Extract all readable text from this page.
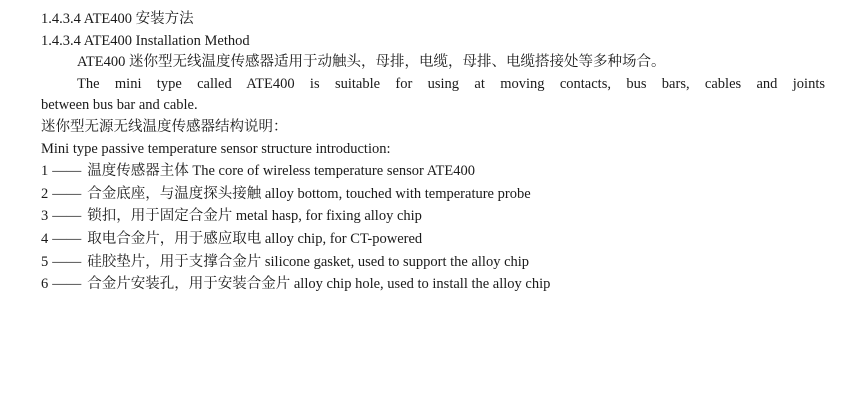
1.4.3.4 ATE400 安装方法
1.4.3.4 ATE400 Installation Method
ATE400 迷你型无线温度传感器适用于动触头，母排，电缆，母排、电缆搭接处等多种场合。
The mini type called ATE400 is suitable for using at moving contacts, bus bars, cables and joints
between bus bar and cable.
迷你型无源无线温度传感器结构说明：
Mini type passive temperature sensor structure introduction:
1 —— 温度传感器主体 The core of wireless temperature sensor ATE400
2 —— 合金底座，与温度探头接触 alloy bottom, touched with temperature probe
3 —— 锁扣，用于固定合金片 metal hasp, for fixing alloy chip
4 —— 取电合金片，用于感应取电 alloy chip, for CT-powered
5 —— 硅胶垫片，用于支撑合金片 silicone gasket, used to support the alloy chip
6 —— 合金片安装孔，用于安装合金片 alloy chip hole, used to install the alloy chip
